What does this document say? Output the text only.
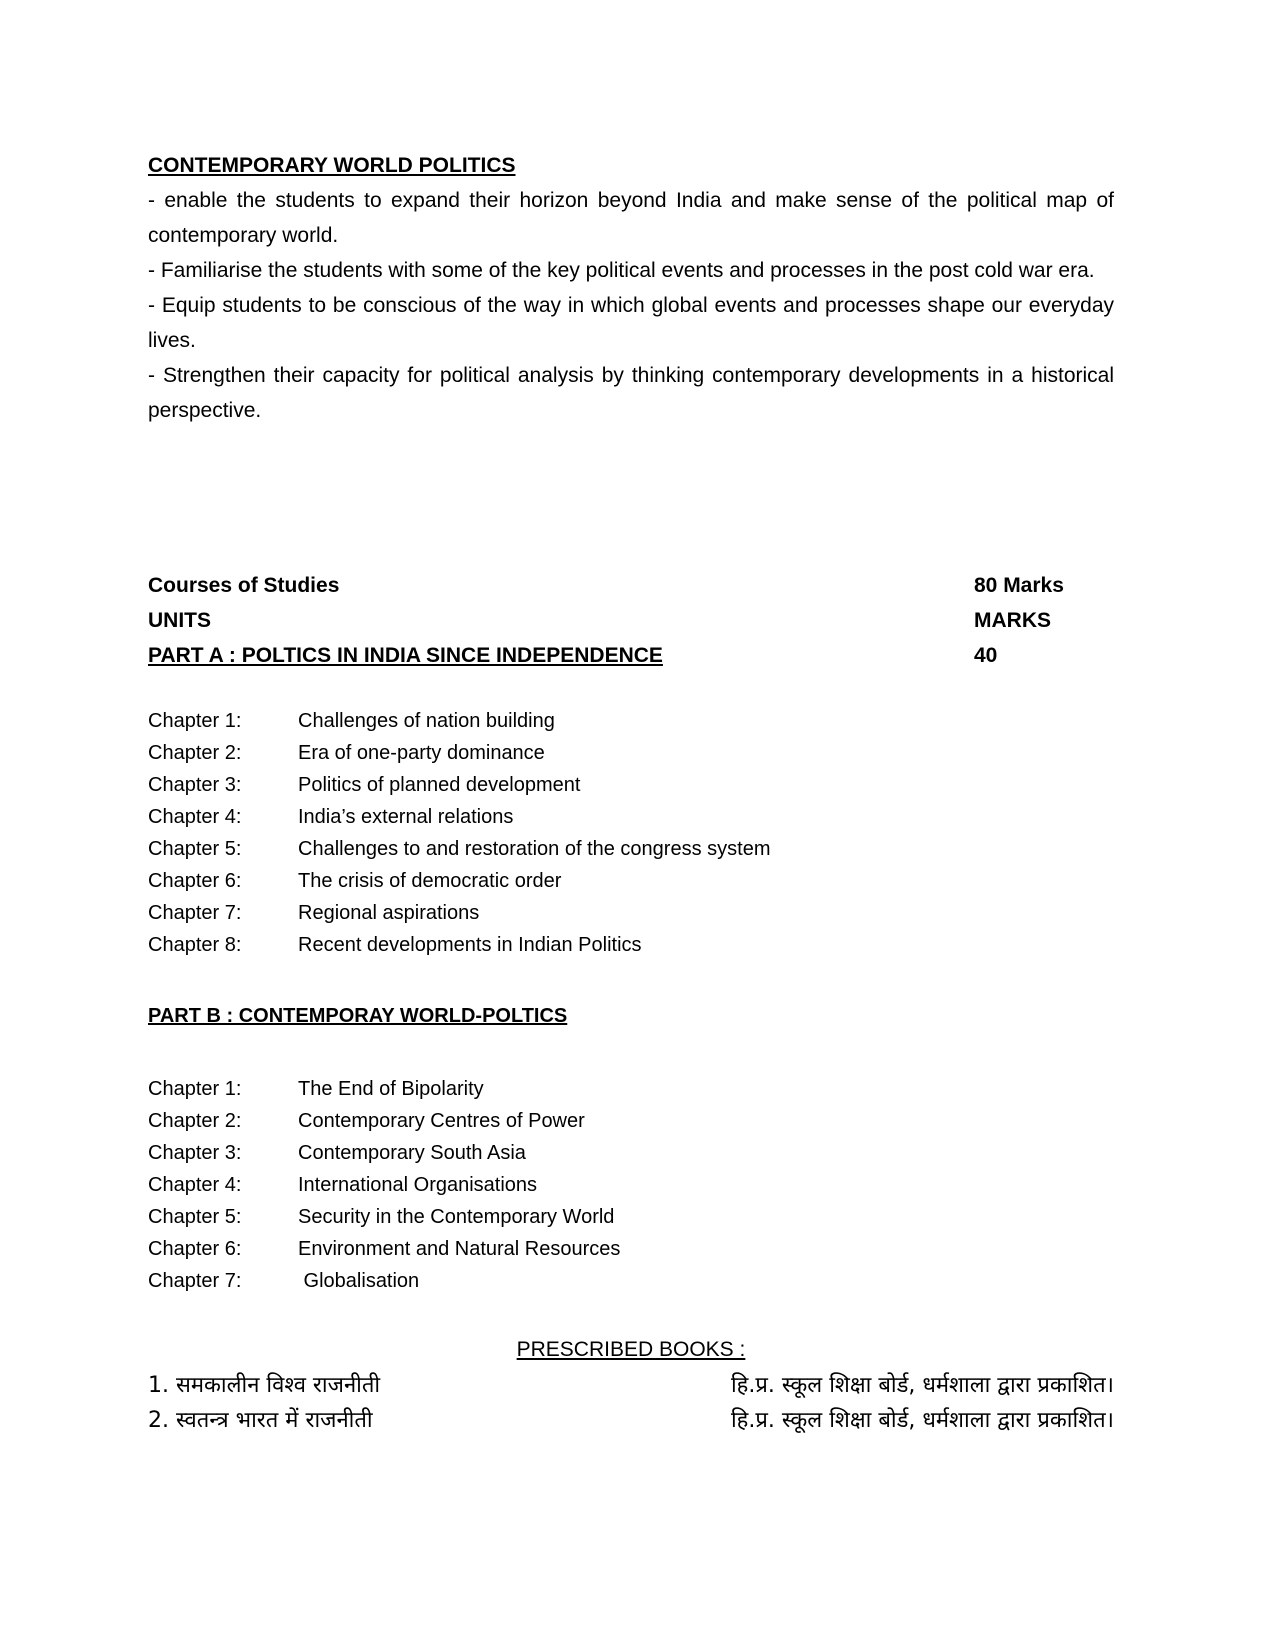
CONTEMPORARY WORLD POLITICS

- enable the students to expand their horizon beyond India and make sense of the political map of contemporary world.

- Familiarise the students with some of the key political events and processes in the post cold war era.

- Equip students to be conscious of the way in which global events and processes shape our everyday lives.

- Strengthen their capacity for political analysis by thinking contemporary developments in a historical perspective.

Courses of Studies	80 Marks
UNITS	MARKS
PART A : POLTICS IN INDIA SINCE INDEPENDENCE	40
Chapter 1:	Challenges of nation building
Chapter 2:	Era of one-party dominance
Chapter 3:	Politics of planned development
Chapter 4:	India’s external relations
Chapter 5:	Challenges to and restoration of the congress system
Chapter 6:	The crisis of democratic order
Chapter 7:	Regional aspirations
Chapter 8:	Recent developments in Indian Politics
PART B : CONTEMPORAY WORLD-POLTICS
Chapter 1:	The End of Bipolarity
Chapter 2:	Contemporary Centres of Power
Chapter 3:	Contemporary South Asia
Chapter 4:	International Organisations
Chapter 5:	Security in the Contemporary World
Chapter 6:	Environment and Natural Resources
Chapter 7:	Globalisation
PRESCRIBED BOOKS :
1. समकालीन विश्व राजनीती	हि.प्र. स्कूल शिक्षा बोर्ड, धर्मशाला द्वारा प्रकाशित।
2. स्वतन्त्र भारत में राजनीती	हि.प्र. स्कूल शिक्षा बोर्ड, धर्मशाला द्वारा प्रकाशित।
